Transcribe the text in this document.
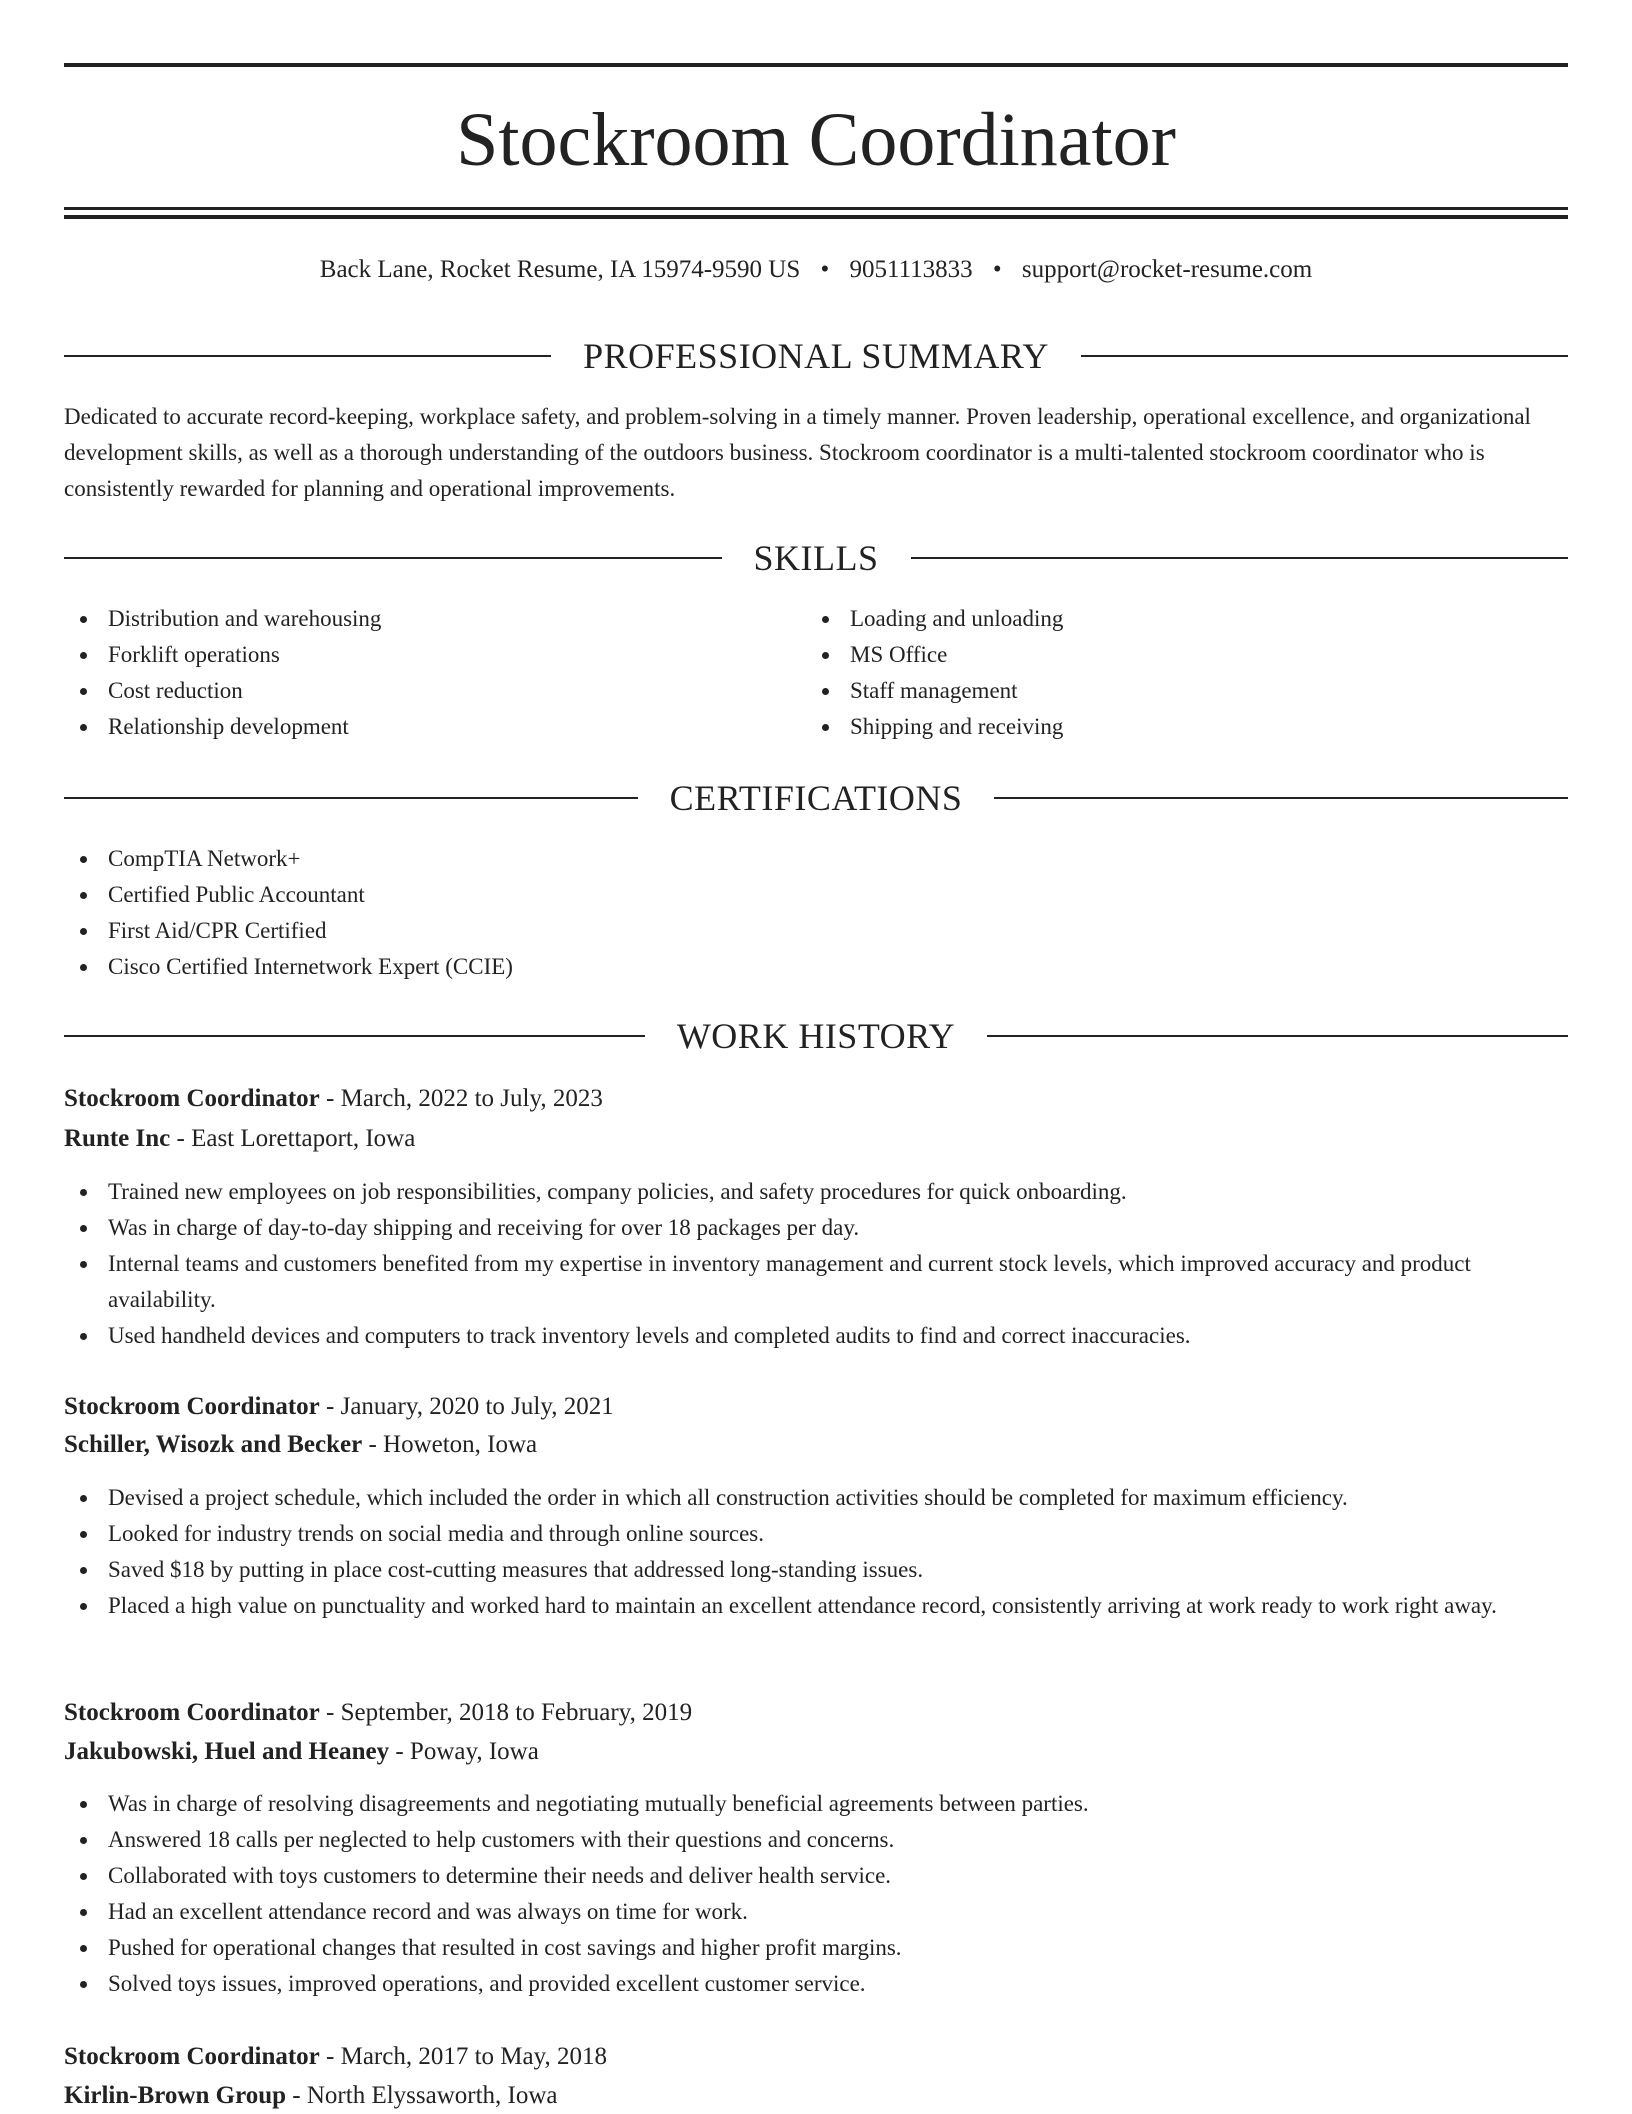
Stockroom Coordinator
Back Lane, Rocket Resume, IA 15974-9590 US • 9051113833 • support@rocket-resume.com
PROFESSIONAL SUMMARY
Dedicated to accurate record-keeping, workplace safety, and problem-solving in a timely manner. Proven leadership, operational excellence, and organizational development skills, as well as a thorough understanding of the outdoors business. Stockroom coordinator is a multi-talented stockroom coordinator who is consistently rewarded for planning and operational improvements.
SKILLS
Distribution and warehousing
Forklift operations
Cost reduction
Relationship development
Loading and unloading
MS Office
Staff management
Shipping and receiving
CERTIFICATIONS
CompTIA Network+
Certified Public Accountant
First Aid/CPR Certified
Cisco Certified Internetwork Expert (CCIE)
WORK HISTORY
Stockroom Coordinator - March, 2022 to July, 2023
Runte Inc - East Lorettaport, Iowa
Trained new employees on job responsibilities, company policies, and safety procedures for quick onboarding.
Was in charge of day-to-day shipping and receiving for over 18 packages per day.
Internal teams and customers benefited from my expertise in inventory management and current stock levels, which improved accuracy and product availability.
Used handheld devices and computers to track inventory levels and completed audits to find and correct inaccuracies.
Stockroom Coordinator - January, 2020 to July, 2021
Schiller, Wisozk and Becker - Howeton, Iowa
Devised a project schedule, which included the order in which all construction activities should be completed for maximum efficiency.
Looked for industry trends on social media and through online sources.
Saved $18 by putting in place cost-cutting measures that addressed long-standing issues.
Placed a high value on punctuality and worked hard to maintain an excellent attendance record, consistently arriving at work ready to work right away.
Stockroom Coordinator - September, 2018 to February, 2019
Jakubowski, Huel and Heaney - Poway, Iowa
Was in charge of resolving disagreements and negotiating mutually beneficial agreements between parties.
Answered 18 calls per neglected to help customers with their questions and concerns.
Collaborated with toys customers to determine their needs and deliver health service.
Had an excellent attendance record and was always on time for work.
Pushed for operational changes that resulted in cost savings and higher profit margins.
Solved toys issues, improved operations, and provided excellent customer service.
Stockroom Coordinator - March, 2017 to May, 2018
Kirlin-Brown Group - North Elyssaworth, Iowa
